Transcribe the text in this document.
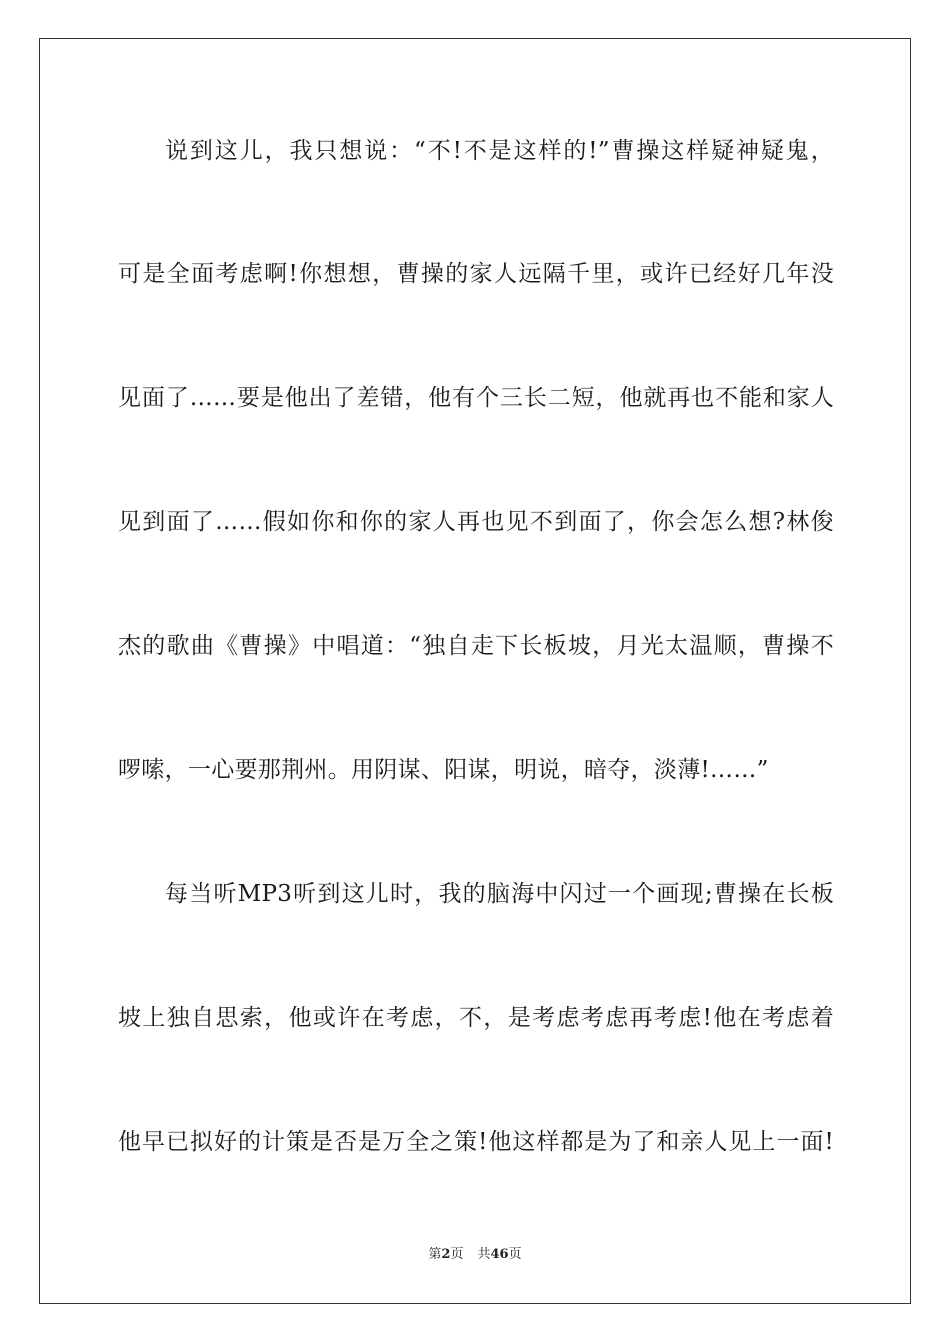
说到这儿，我只想说：“不!不是这样的!”曹操这样疑神疑鬼，
可是全面考虑啊!你想想，曹操的家人远隔千里，或许已经好几年没
见面了……要是他出了差错，他有个三长二短，他就再也不能和家人
见到面了……假如你和你的家人再也见不到面了，你会怎么想?林俊
杰的歌曲《曹操》中唱道：“独自走下长板坡，月光太温顺，曹操不
啰嗦，一心要那荆州。用阴谋、阳谋，明说，暗夺，淡薄!……”
每当听MP3听到这儿时，我的脑海中闪过一个画现;曹操在长板
坡上独自思索，他或许在考虑，不，是考虑考虑再考虑!他在考虑着
他早已拟好的计策是否是万全之策!他这样都是为了和亲人见上一面!
第2页 共46页
